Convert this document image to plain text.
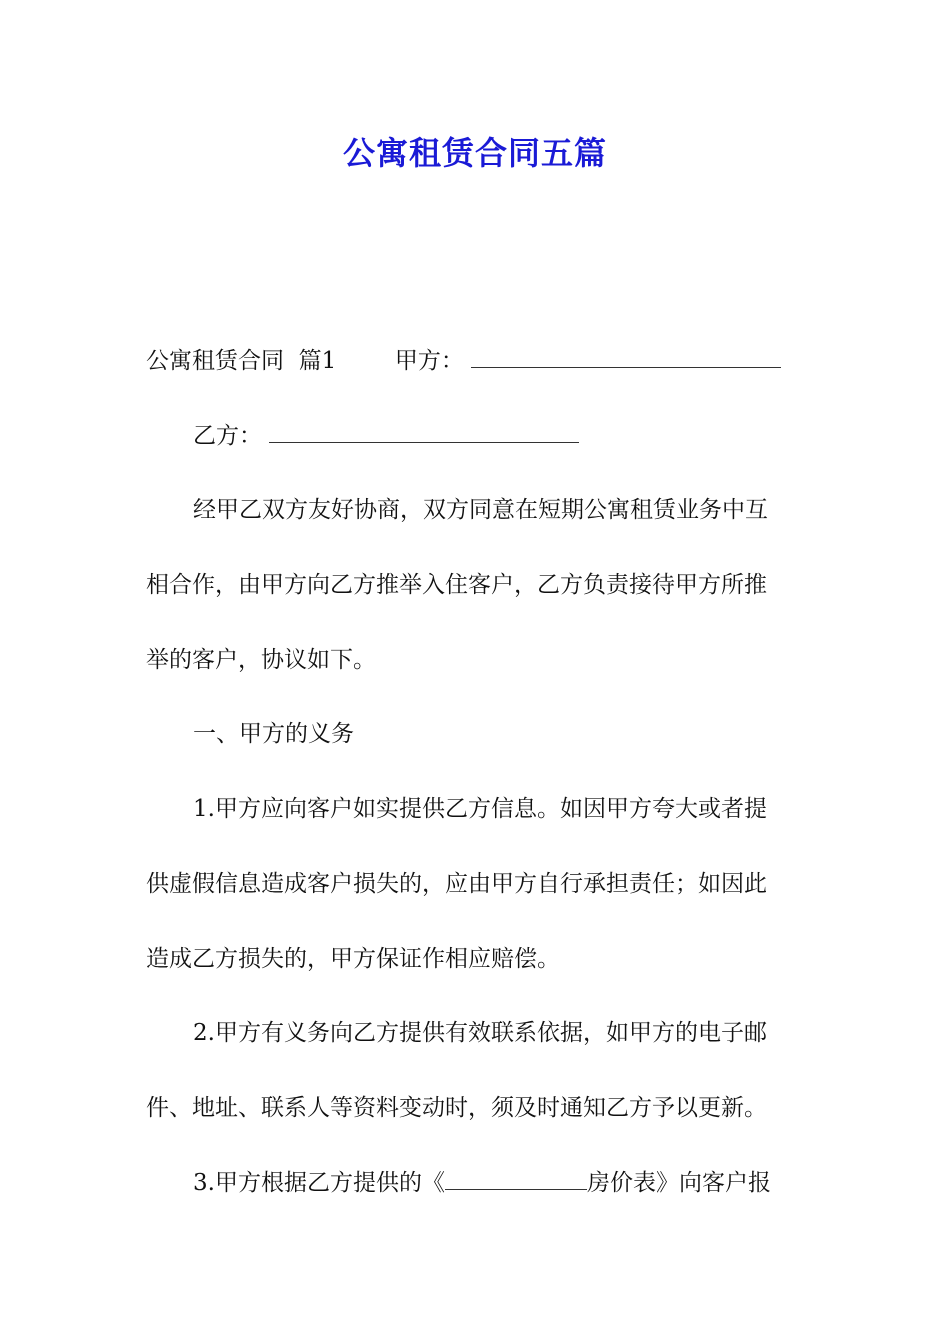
公寓租赁合同五篇
公寓租赁合同  篇1	甲方：
乙方：
经甲乙双方友好协商，双方同意在短期公寓租赁业务中互
相合作，由甲方向乙方推举入住客户，乙方负责接待甲方所推
举的客户，协议如下。
一、甲方的义务
1.甲方应向客户如实提供乙方信息。如因甲方夸大或者提
供虚假信息造成客户损失的，应由甲方自行承担责任；如因此
造成乙方损失的，甲方保证作相应赔偿。
2.甲方有义务向乙方提供有效联系依据，如甲方的电子邮
件、地址、联系人等资料变动时，须及时通知乙方予以更新。
3.甲方根据乙方提供的《	房价表》向客户报
